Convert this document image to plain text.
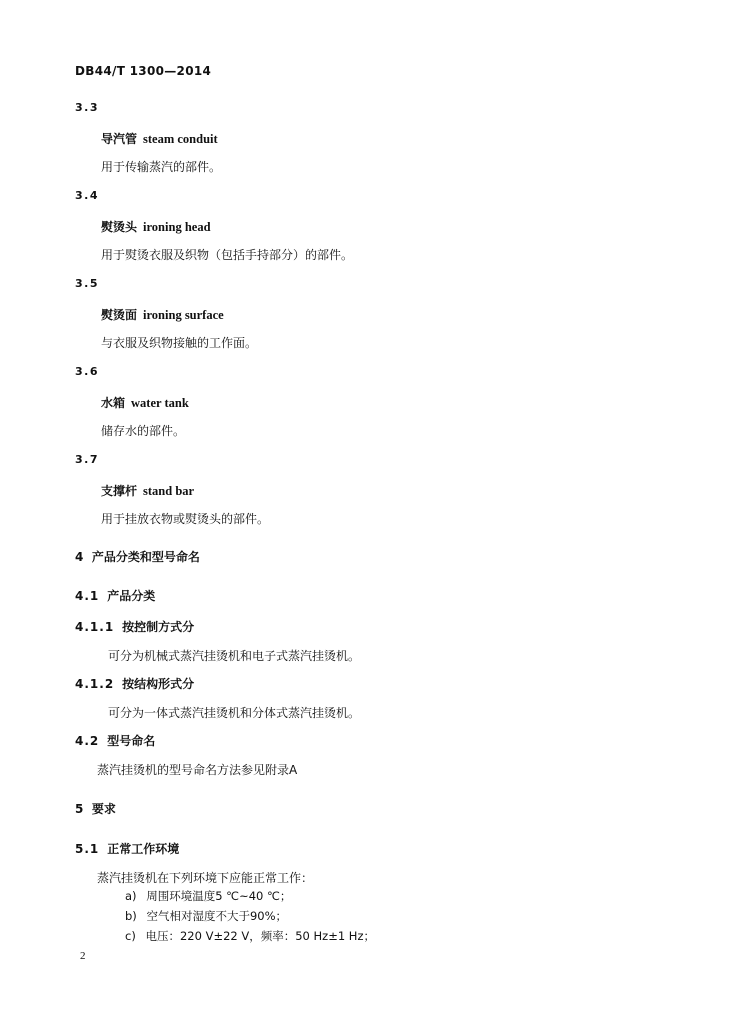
DB44/T 1300—2014
3.3
导汽管 steam conduit
用于传输蒸汽的部件。
3.4
熨烫头 ironing head
用于熨烫衣服及织物（包括手持部分）的部件。
3.5
熨烫面 ironing surface
与衣服及织物接触的工作面。
3.6
水箱 water tank
储存水的部件。
3.7
支撑杆 stand bar
用于挂放衣物或熨烫头的部件。
4 产品分类和型号命名
4.1 产品分类
4.1.1 按控制方式分
可分为机械式蒸汽挂烫机和电子式蒸汽挂烫机。
4.1.2 按结构形式分
可分为一体式蒸汽挂烫机和分体式蒸汽挂烫机。
4.2 型号命名
蒸汽挂烫机的型号命名方法参见附录A
5 要求
5.1 正常工作环境
蒸汽挂烫机在下列环境下应能正常工作：
a) 周围环境温度5 ℃~40 ℃；
b) 空气相对湿度不大于90%；
c) 电压：220 V±22 V，频率：50 Hz±1 Hz；
2
